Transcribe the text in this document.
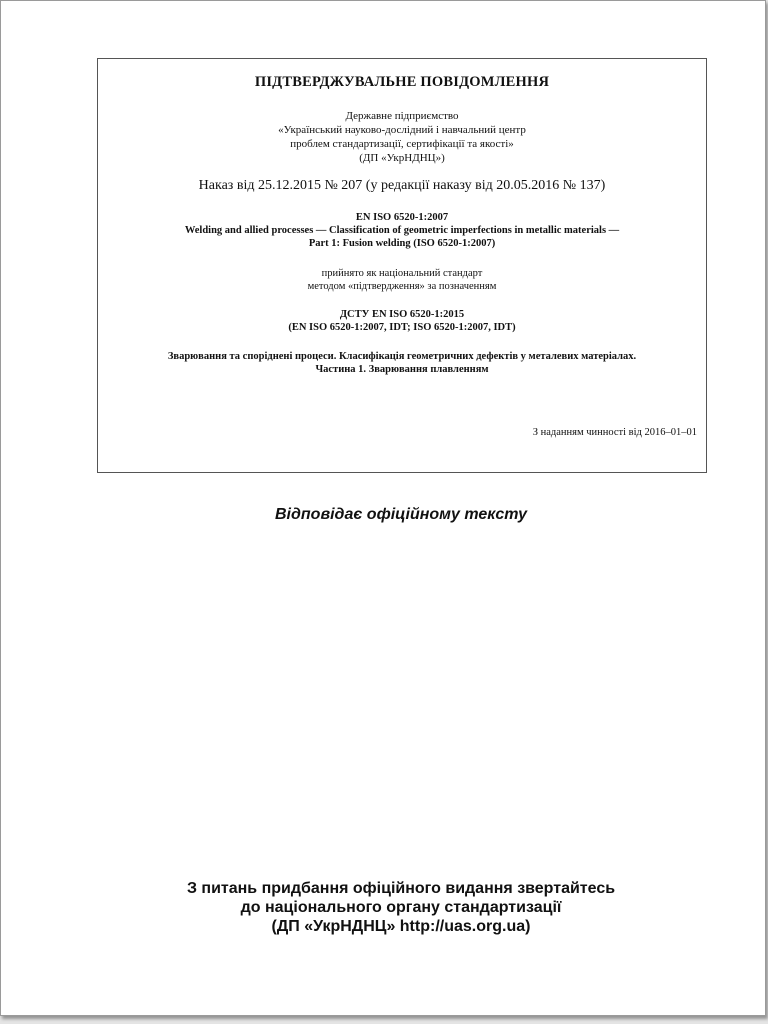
ПІДТВЕРДЖУВАЛЬНЕ ПОВІДОМЛЕННЯ
Державне підприємство
«Український науково-дослідний і навчальний центр
проблем стандартизації, сертифікації та якості»
(ДП «УкрНДНЦ»)
Наказ від 25.12.2015 № 207 (у редакції наказу від 20.05.2016 № 137)
EN ISO 6520-1:2007
Welding and allied processes — Classification of geometric imperfections in metallic materials —
Part 1: Fusion welding (ISO 6520-1:2007)
прийнято як національний стандарт
методом «підтвердження» за позначенням
ДСТУ EN ISO 6520-1:2015
(EN ISO 6520-1:2007, IDT; ISO 6520-1:2007, IDT)
Зварювання та споріднені процеси. Класифікація геометричних дефектів у металевих матеріалах.
Частина 1. Зварювання плавленням
З наданням чинності від 2016–01–01
Відповідає офіційному тексту
З питань придбання офіційного видання звертайтесь
до національного органу стандартизації
(ДП «УкрНДНЦ» http://uas.org.ua)
